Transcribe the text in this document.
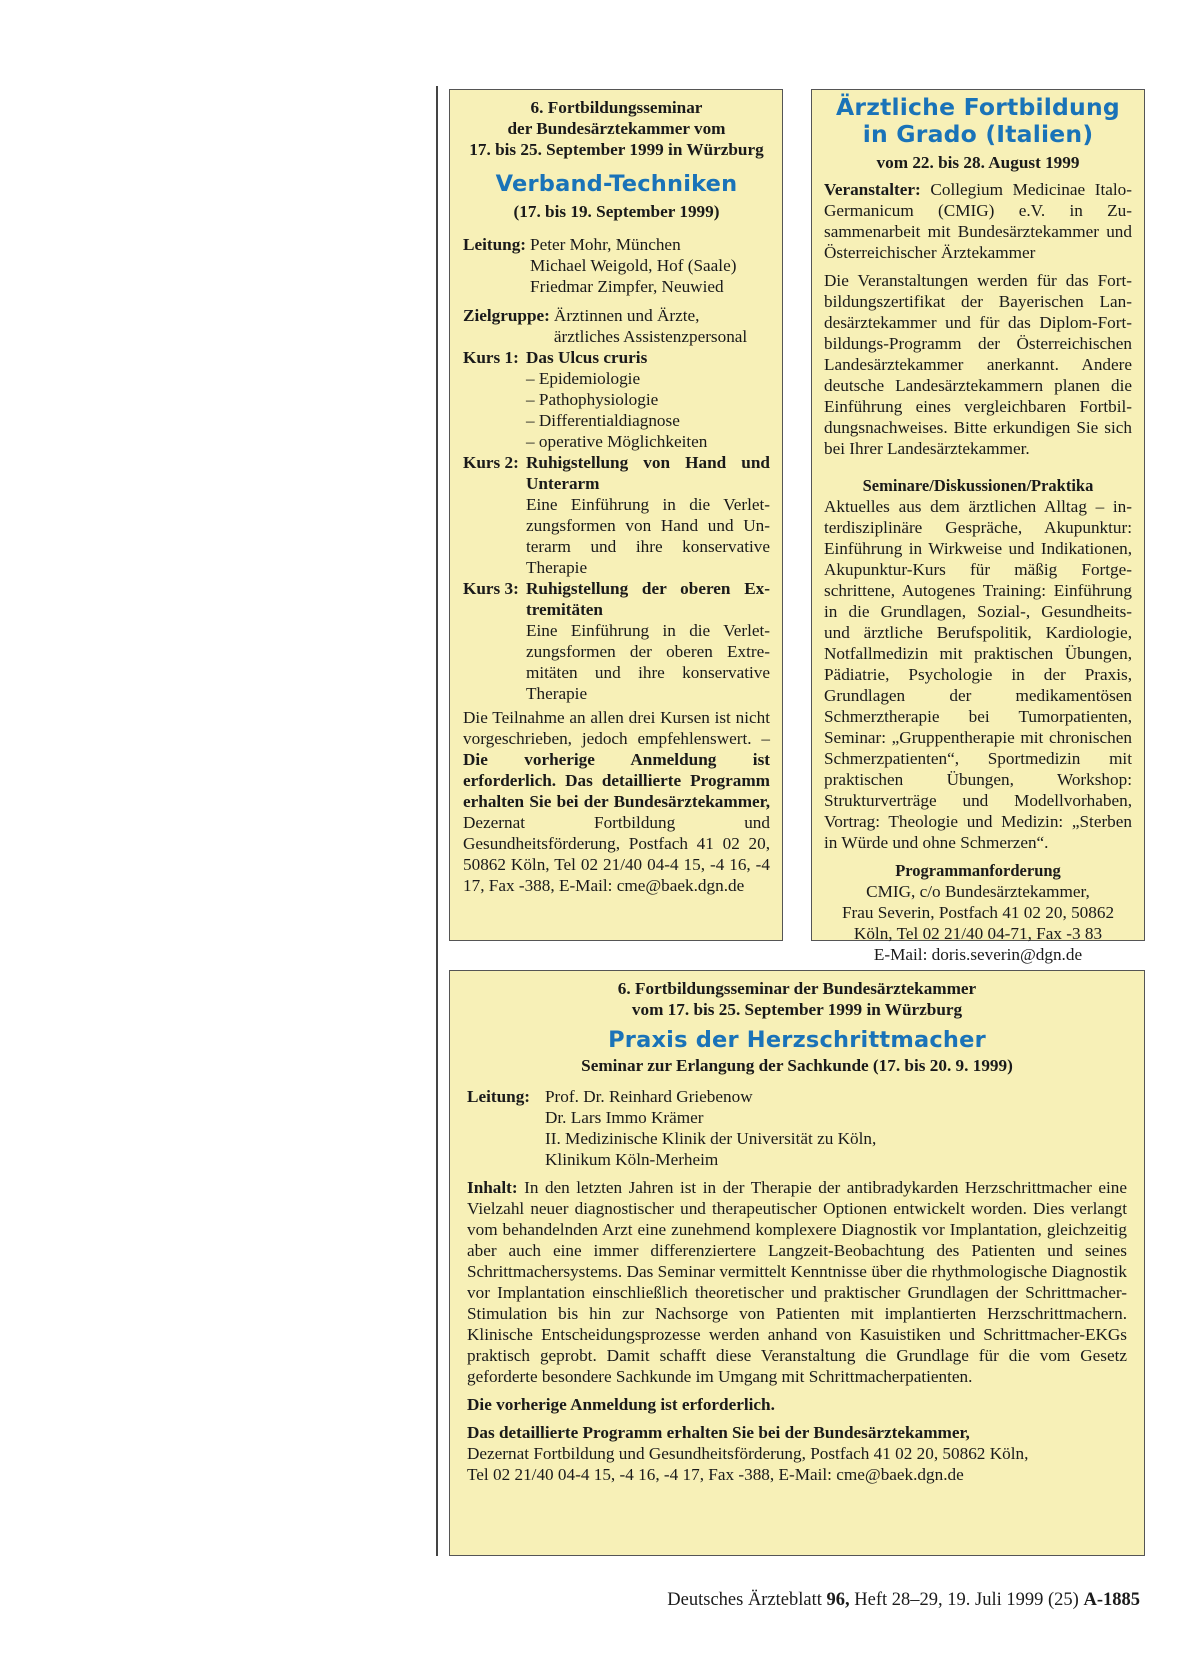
6. Fortbildungsseminar
der Bundesärztekammer vom
17. bis 25. September 1999 in Würzburg
Verband-Techniken
(17. bis 19. September 1999)
Leitung: Peter Mohr, München
Michael Weigold, Hof (Saale)
Friedmar Zimpfer, Neuwied
Zielgruppe: Ärztinnen und Ärzte,
ärztliches Assistenzpersonal
Kurs 1: Das Ulcus cruris
– Epidemiologie
– Pathophysiologie
– Differentialdiagnose
– operative Möglichkeiten
Kurs 2: Ruhigstellung von Hand und Unterarm
Eine Einführung in die Verletzungsformen von Hand und Unterarm und ihre konservative Therapie
Kurs 3: Ruhigstellung der oberen Extremitäten
Eine Einführung in die Verletzungsformen der oberen Extremitäten und ihre konservative Therapie

Die Teilnahme an allen drei Kursen ist nicht vorgeschrieben, jedoch empfehlenswert. – Die vorherige Anmeldung ist erforderlich. Das detaillierte Programm erhalten Sie bei der Bundesärztekammer, Dezernat Fortbildung und Gesundheitsförderung, Postfach 41 02 20, 50862 Köln, Tel 02 21/40 04-4 15, -4 16, -4 17, Fax -388, E-Mail: cme@baek.dgn.de

Ärztliche Fortbildung
in Grado (Italien)
vom 22. bis 28. August 1999

Veranstalter: Collegium Medicinae Italo-Germanicum (CMIG) e.V. in Zusammenarbeit mit Bundesärztekammer und Österreichischer Ärztekammer

Die Veranstaltungen werden für das Fortbildungszertifikat der Bayerischen Landesärztekammer und für das Diplom-Fortbildungs-Programm der Österreichischen Landesärztekammer anerkannt. Andere deutsche Landesärztekammern planen die Einführung eines vergleichbaren Fortbildungsnachweises. Bitte erkundigen Sie sich bei Ihrer Landesärztekammer.

Seminare/Diskussionen/Praktika

Aktuelles aus dem ärztlichen Alltag – interdisziplinäre Gespräche, Akupunktur: Einführung in Wirkweise und Indikationen, Akupunktur-Kurs für mäßig Fortgeschrittene, Autogenes Training: Einführung in die Grundlagen, Sozial-, Gesundheits- und ärztliche Berufspolitik, Kardiologie, Notfallmedizin mit praktischen Übungen, Pädiatrie, Psychologie in der Praxis, Grundlagen der medikamentösen Schmerztherapie bei Tumorpatienten, Seminar: „Gruppentherapie mit chronischen Schmerzpatienten“, Sportmedizin mit praktischen Übungen, Workshop: Strukturverträge und Modellvorhaben, Vortrag: Theologie und Medizin: „Sterben in Würde und ohne Schmerzen“.

Programmanforderung
CMIG, c/o Bundesärztekammer,
Frau Severin, Postfach 41 02 20, 50862
Köln, Tel 02 21/40 04-71, Fax -3 83
E-Mail: doris.severin@dgn.de
6. Fortbildungsseminar der Bundesärztekammer
vom 17. bis 25. September 1999 in Würzburg
Praxis der Herzschrittmacher
Seminar zur Erlangung der Sachkunde (17. bis 20. 9. 1999)
Leitung: Prof. Dr. Reinhard Griebenow
Dr. Lars Immo Krämer
II. Medizinische Klinik der Universität zu Köln,
Klinikum Köln-Merheim

Inhalt: In den letzten Jahren ist in der Therapie der antibradykarden Herzschrittmacher eine Vielzahl neuer diagnostischer und therapeutischer Optionen entwickelt worden. Dies verlangt vom behandelnden Arzt eine zunehmend komplexere Diagnostik vor Implantation, gleichzeitig aber auch eine immer differenziertere Langzeit-Beobachtung des Patienten und seines Schrittmachersystems. Das Seminar vermittelt Kenntnisse über die rhythmologische Diagnostik vor Implantation einschließlich theoretischer und praktischer Grundlagen der Schrittmacher-Stimulation bis hin zur Nachsorge von Patienten mit implantierten Herzschrittmachern. Klinische Entscheidungsprozesse werden anhand von Kasuistiken und Schrittmacher-EKGs praktisch geprobt. Damit schafft diese Veranstaltung die Grundlage für die vom Gesetz geforderte besondere Sachkunde im Umgang mit Schrittmacherpatienten.

Die vorherige Anmeldung ist erforderlich.

Das detaillierte Programm erhalten Sie bei der Bundesärztekammer,
Dezernat Fortbildung und Gesundheitsförderung, Postfach 41 02 20, 50862 Köln,
Tel 02 21/40 04-4 15, -4 16, -4 17, Fax -388, E-Mail: cme@baek.dgn.de
Deutsches Ärzteblatt 96, Heft 28–29, 19. Juli 1999 (25) A-1885
